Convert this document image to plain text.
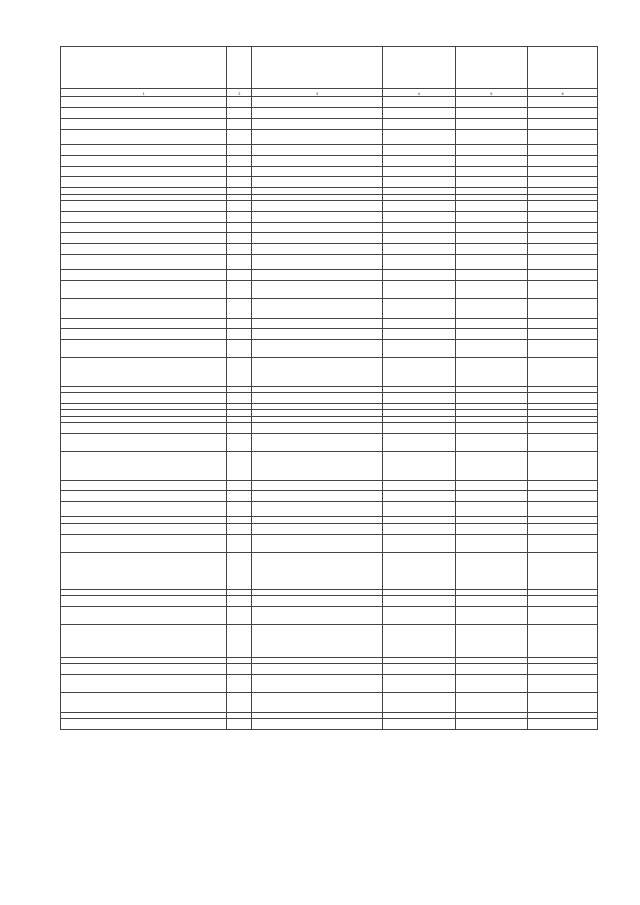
1	2	3	4	5	6
